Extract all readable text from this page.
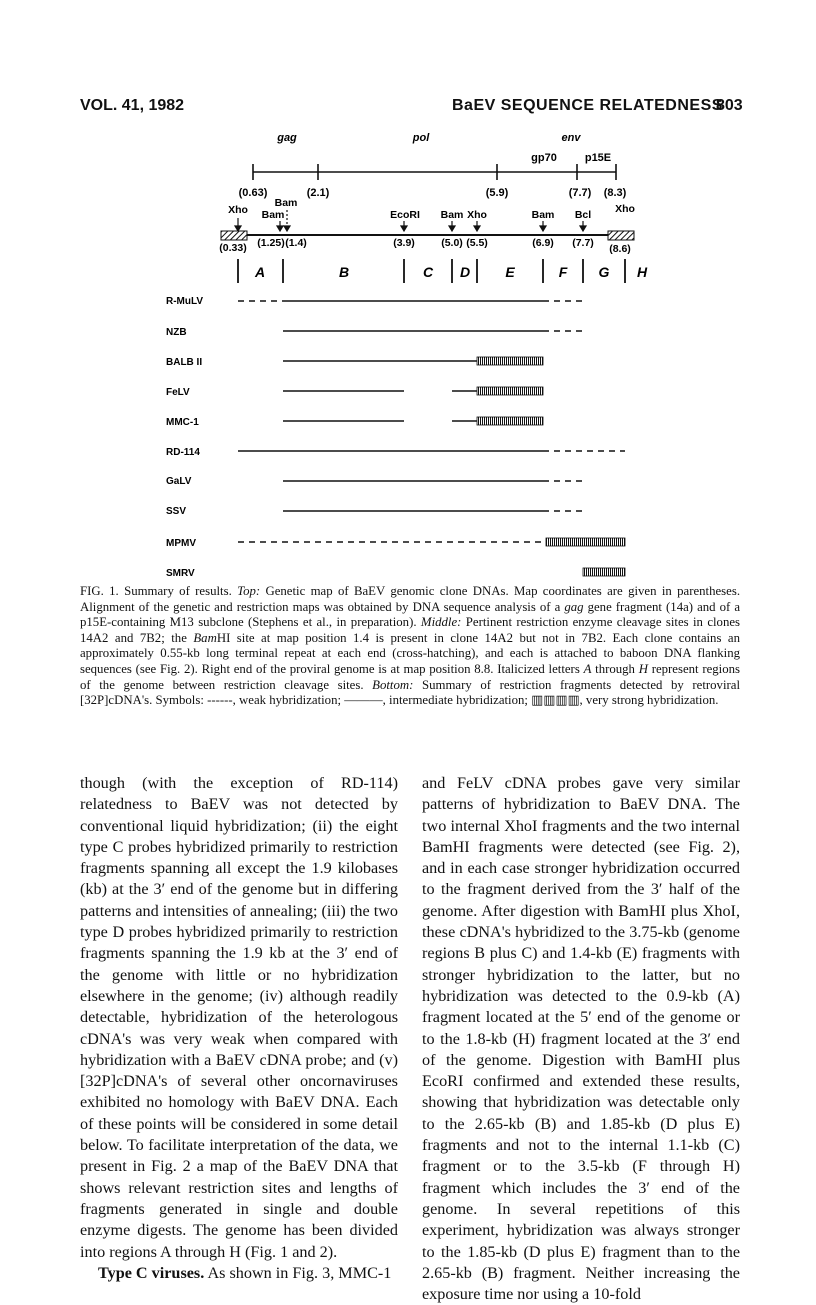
VOL. 41, 1982	BaEV SEQUENCE RELATEDNESS
803
gag	pol	env
gp70	p15E
(0.63)	(2.1)	(5.9)	(7.7) (8.3)
Xho Bam
Bam
EcoRI Bam Xho	Bam Bcl Xho
(0.33) (1.25) (1.4)	(3.9)	(5.0) (5.5)	(6.9) (7.7) (8.6)
A	B	C D	E	F G H
R-MuLV
NZB
BALB II
FeLV
MMC-1
RD-114
GaLV
SSV
MPMV
SMRV
FIG. 1. Summary of results. Top: Genetic map of BaEV genomic clone DNAs. Map coordinates are given in parentheses. Alignment of the genetic and restriction maps was obtained by DNA sequence analysis of a gag gene fragment (14a) and of a p15E-containing M13 subclone (Stephens et al., in preparation). Middle: Pertinent restriction enzyme cleavage sites in clones 14A2 and 7B2; the BamHI site at map position 1.4 is present in clone 14A2 but not in 7B2. Each clone contains an approximately 0.55-kb long terminal repeat at each end (cross-hatching), and each is attached to baboon DNA flanking sequences (see Fig. 2). Right end of the proviral genome is at map position 8.8. Italicized letters A through H represent regions of the genome between restriction cleavage sites. Bottom: Summary of restriction fragments detected by retroviral [32P]cDNA's. Symbols: ------, weak hybridization; ———, intermediate hybridization; ▥▥▥▥, very strong hybridization.

though (with the exception of RD-114) relatedness to BaEV was not detected by conventional liquid hybridization; (ii) the eight type C probes hybridized primarily to restriction fragments spanning all except the 1.9 kilobases (kb) at the 3′ end of the genome but in differing patterns and intensities of annealing; (iii) the two type D probes hybridized primarily to restriction fragments spanning the 1.9 kb at the 3′ end of the genome with little or no hybridization elsewhere in the genome; (iv) although readily detectable, hybridization of the heterologous cDNA's was very weak when compared with hybridization with a BaEV cDNA probe; and (v) [32P]cDNA's of several other oncornaviruses exhibited no homology with BaEV DNA. Each of these points will be considered in some detail below. To facilitate interpretation of the data, we present in Fig. 2 a map of the BaEV DNA that shows relevant restriction sites and lengths of fragments generated in single and double enzyme digests. The genome has been divided into regions A through H (Fig. 1 and 2).

Type C viruses. As shown in Fig. 3, MMC-1

and FeLV cDNA probes gave very similar patterns of hybridization to BaEV DNA. The two internal XhoI fragments and the two internal BamHI fragments were detected (see Fig. 2), and in each case stronger hybridization occurred to the fragment derived from the 3′ half of the genome. After digestion with BamHI plus XhoI, these cDNA's hybridized to the 3.75-kb (genome regions B plus C) and 1.4-kb (E) fragments with stronger hybridization to the latter, but no hybridization was detected to the 0.9-kb (A) fragment located at the 5′ end of the genome or to the 1.8-kb (H) fragment located at the 3′ end of the genome. Digestion with BamHI plus EcoRI confirmed and extended these results, showing that hybridization was detectable only to the 2.65-kb (B) and 1.85-kb (D plus E) fragments and not to the internal 1.1-kb (C) fragment or to the 3.5-kb (F through H) fragment which includes the 3′ end of the genome. In several repetitions of this experiment, hybridization was always stronger to the 1.85-kb (D plus E) fragment than to the 2.65-kb (B) fragment. Neither increasing the exposure time nor using a 10-fold
